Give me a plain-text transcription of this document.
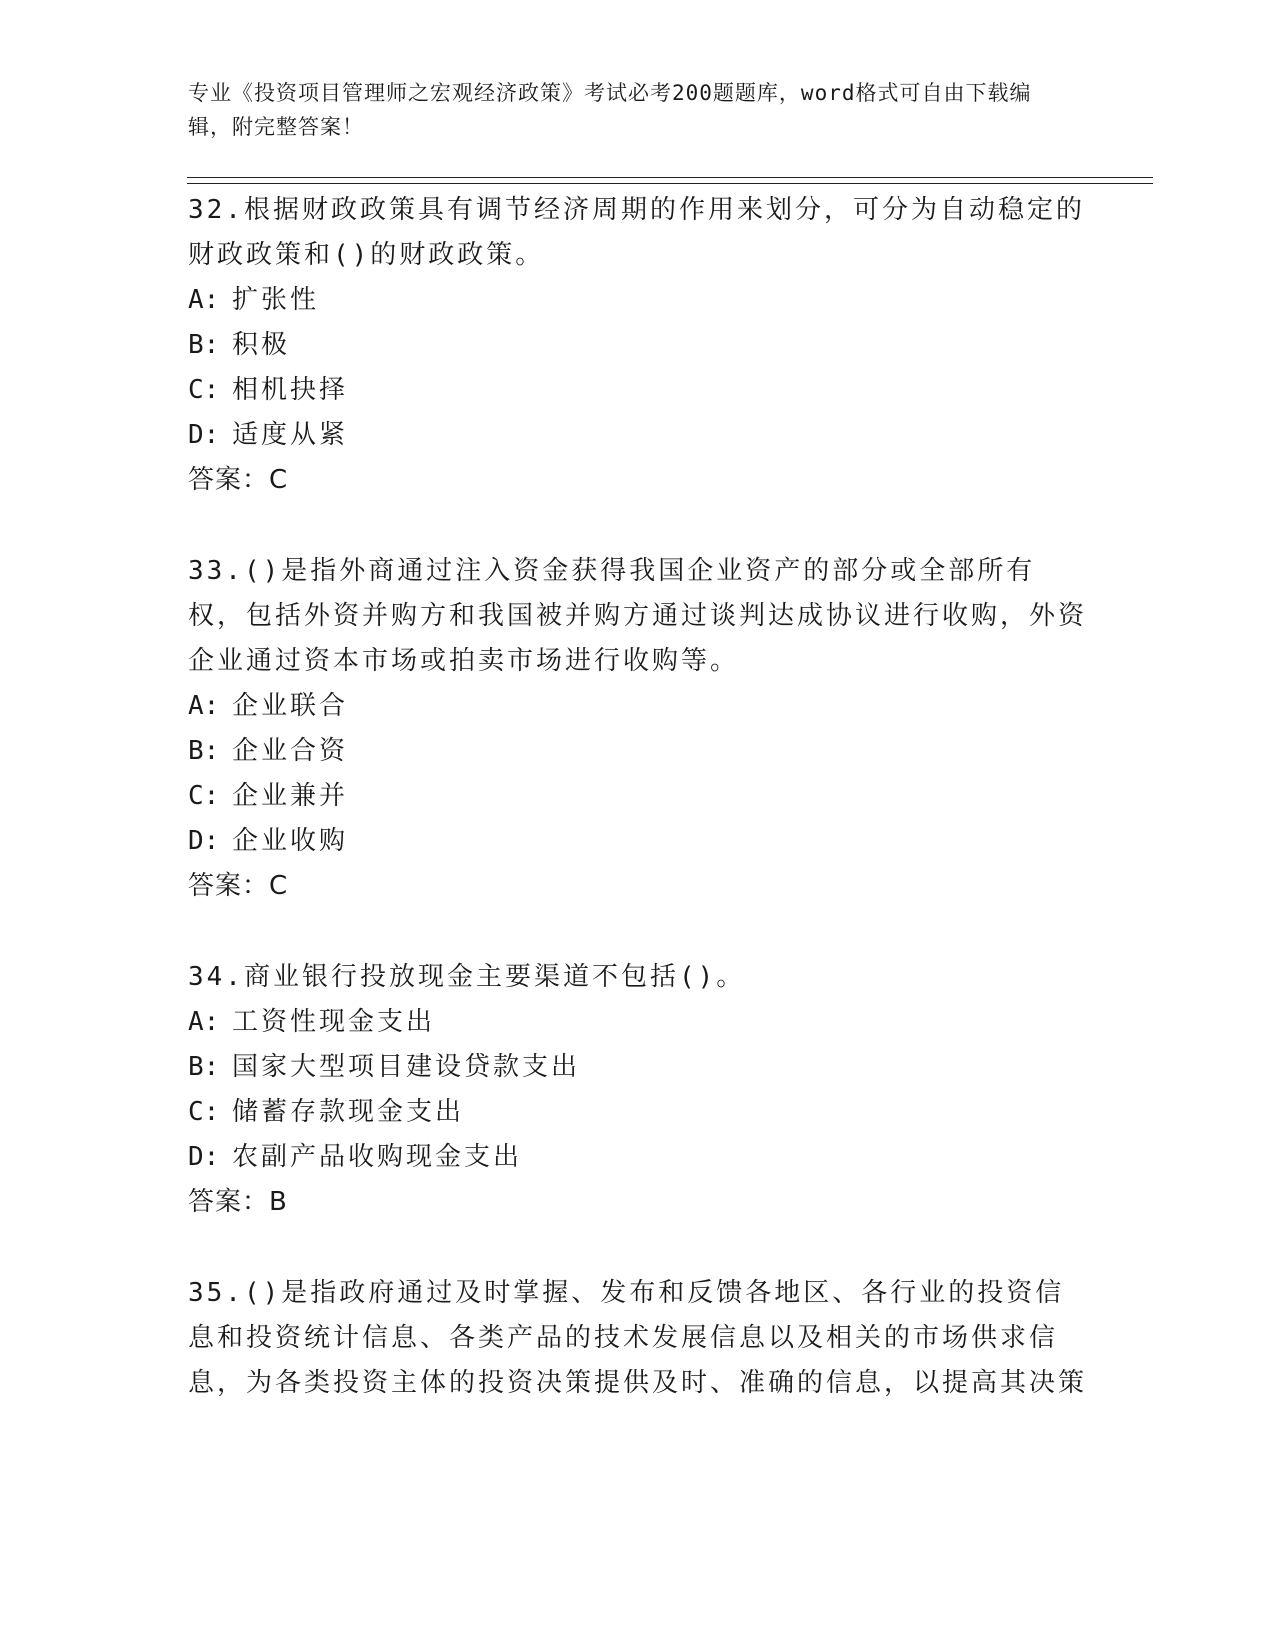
专业《投资项目管理师之宏观经济政策》考试必考200题题库，word格式可自由下载编辑，附完整答案！

32.根据财政政策具有调节经济周期的作用来划分，可分为自动稳定的财政政策和()的财政政策。

A: 扩张性
B: 积极
C: 相机抉择
D: 适度从紧
答案：C

33.()是指外商通过注入资金获得我国企业资产的部分或全部所有权，包括外资并购方和我国被并购方通过谈判达成协议进行收购，外资企业通过资本市场或拍卖市场进行收购等。

A: 企业联合
B: 企业合资
C: 企业兼并
D: 企业收购
答案：C

34.商业银行投放现金主要渠道不包括()。

A: 工资性现金支出
B: 国家大型项目建设贷款支出
C: 储蓄存款现金支出
D: 农副产品收购现金支出
答案：B

35.()是指政府通过及时掌握、发布和反馈各地区、各行业的投资信息和投资统计信息、各类产品的技术发展信息以及相关的市场供求信息，为各类投资主体的投资决策提供及时、准确的信息，以提高其决策
